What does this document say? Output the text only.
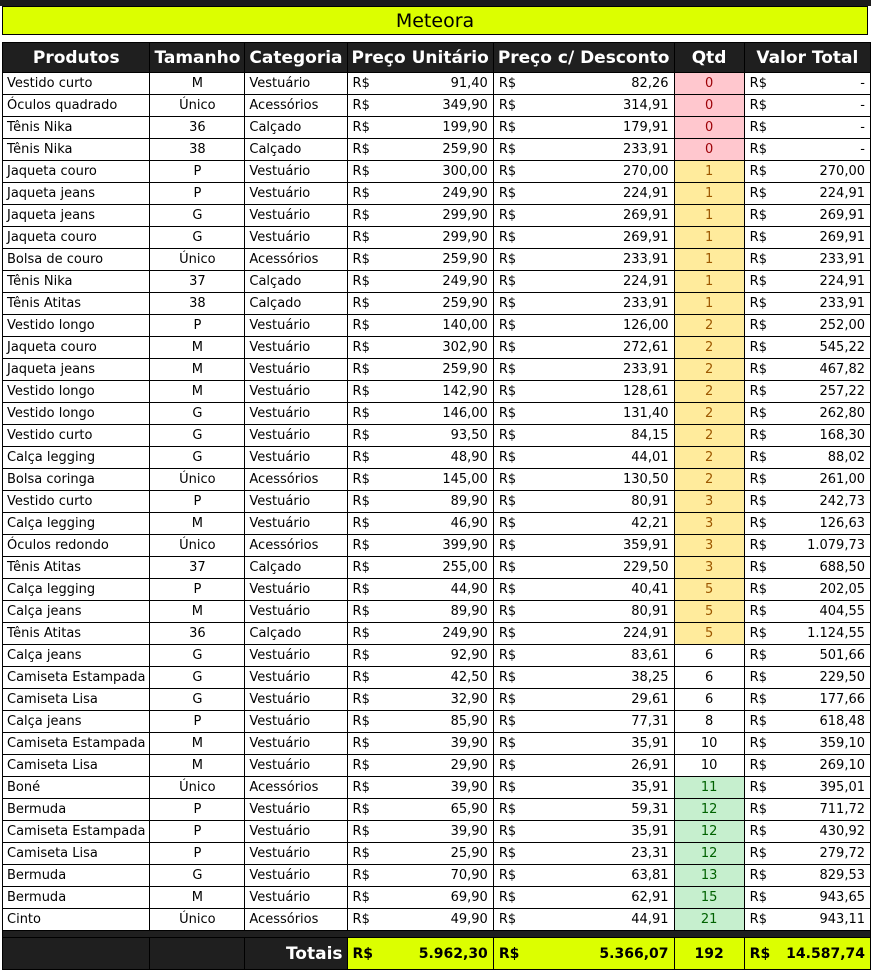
Meteora
Produtos	Tamanho	Categoria	Preço Unitário	Preço c/ Desconto	Qtd	Valor Total
Vestido curto	M	Vestuário	R$ 91,40	R$ 82,26	0	R$ -

Óculos quadrado	Único	Acessórios	R$ 349,90	R$ 314,91	0	R$ -

Tênis Nika	36	Calçado	R$ 199,90	R$ 179,91	0	R$ -

Tênis Nika	38	Calçado	R$ 259,90	R$ 233,91	0	R$ -

Jaqueta couro	P	Vestuário	R$ 300,00	R$ 270,00	1	R$ 270,00

Jaqueta jeans	P	Vestuário	R$ 249,90	R$ 224,91	1	R$ 224,91

Jaqueta jeans	G	Vestuário	R$ 299,90	R$ 269,91	1	R$ 269,91

Jaqueta couro	G	Vestuário	R$ 299,90	R$ 269,91	1	R$ 269,91

Bolsa de couro	Único	Acessórios	R$ 259,90	R$ 233,91	1	R$ 233,91

Tênis Nika	37	Calçado	R$ 249,90	R$ 224,91	1	R$ 224,91

Tênis Atitas	38	Calçado	R$ 259,90	R$ 233,91	1	R$ 233,91

Vestido longo	P	Vestuário	R$ 140,00	R$ 126,00	2	R$ 252,00

Jaqueta couro	M	Vestuário	R$ 302,90	R$ 272,61	2	R$ 545,22

Jaqueta jeans	M	Vestuário	R$ 259,90	R$ 233,91	2	R$ 467,82

Vestido longo	M	Vestuário	R$ 142,90	R$ 128,61	2	R$ 257,22

Vestido longo	G	Vestuário	R$ 146,00	R$ 131,40	2	R$ 262,80

Vestido curto	G	Vestuário	R$ 93,50	R$ 84,15	2	R$ 168,30

Calça legging	G	Vestuário	R$ 48,90	R$ 44,01	2	R$ 88,02

Bolsa coringa	Único	Acessórios	R$ 145,00	R$ 130,50	2	R$ 261,00

Vestido curto	P	Vestuário	R$ 89,90	R$ 80,91	3	R$ 242,73

Calça legging	M	Vestuário	R$ 46,90	R$ 42,21	3	R$ 126,63

Óculos redondo	Único	Acessórios	R$ 399,90	R$ 359,91	3	R$ 1.079,73

Tênis Atitas	37	Calçado	R$ 255,00	R$ 229,50	3	R$ 688,50

Calça legging	P	Vestuário	R$ 44,90	R$ 40,41	5	R$ 202,05

Calça jeans	M	Vestuário	R$ 89,90	R$ 80,91	5	R$ 404,55

Tênis Atitas	36	Calçado	R$ 249,90	R$ 224,91	5	R$ 1.124,55

Calça jeans	G	Vestuário	R$ 92,90	R$ 83,61	6	R$ 501,66

Camiseta Estampada	G	Vestuário	R$ 42,50	R$ 38,25	6	R$ 229,50

Camiseta Lisa	G	Vestuário	R$ 32,90	R$ 29,61	6	R$ 177,66

Calça jeans	P	Vestuário	R$ 85,90	R$ 77,31	8	R$ 618,48

Camiseta Estampada	M	Vestuário	R$ 39,90	R$ 35,91	10	R$ 359,10

Camiseta Lisa	M	Vestuário	R$ 29,90	R$ 26,91	10	R$ 269,10

Boné	Único	Acessórios	R$ 39,90	R$ 35,91	11	R$ 395,01

Bermuda	P	Vestuário	R$ 65,90	R$ 59,31	12	R$ 711,72

Camiseta Estampada	P	Vestuário	R$ 39,90	R$ 35,91	12	R$ 430,92

Camiseta Lisa	P	Vestuário	R$ 25,90	R$ 23,31	12	R$ 279,72

Bermuda	G	Vestuário	R$ 70,90	R$ 63,81	13	R$ 829,53

Bermuda	M	Vestuário	R$ 69,90	R$ 62,91	15	R$ 943,65

Cinto	Único	Acessórios	R$ 49,90	R$ 44,91	21	R$ 943,11

		Totais	R$ 5.962,30	R$ 5.366,07	192	R$ 14.587,74
